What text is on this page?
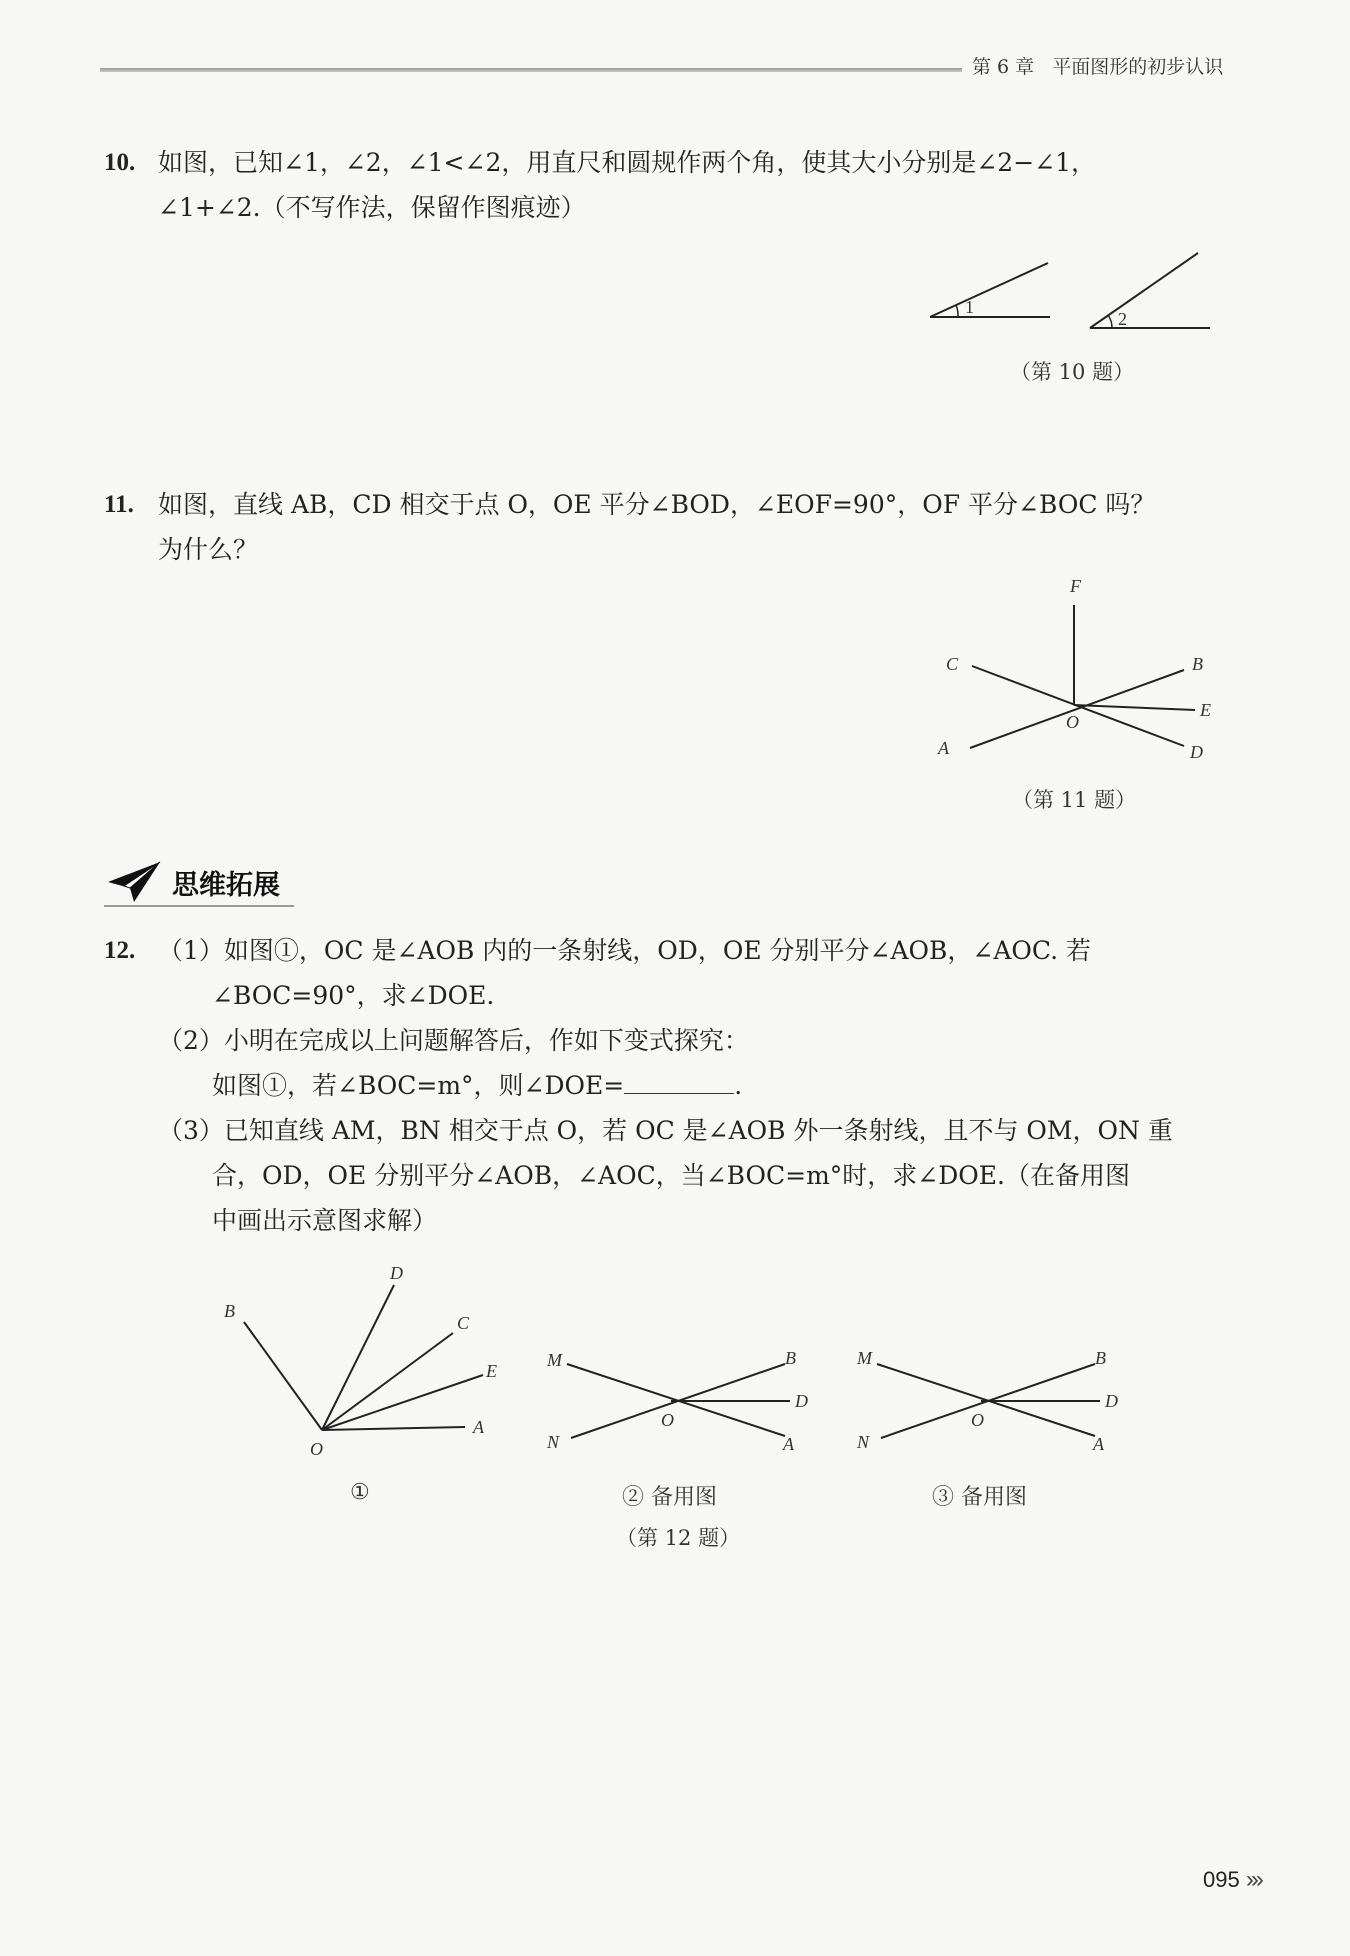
第 6 章 平面图形的初步认识
10. 如图，已知∠1，∠2，∠1<∠2，用直尺和圆规作两个角，使其大小分别是∠2−∠1，
∠1+∠2.（不写作法，保留作图痕迹）
1
2
（第 10 题）
11. 如图，直线 AB，CD 相交于点 O，OE 平分∠BOD，∠EOF=90°，OF 平分∠BOC 吗？
为什么？
F
C	B
E
O
A	D
（第 11 题）
思维拓展
12. （1）如图①，OC 是∠AOB 内的一条射线，OD，OE 分别平分∠AOB，∠AOC. 若
∠BOC=90°，求∠DOE.
（2）小明在完成以上问题解答后，作如下变式探究：
如图①，若∠BOC=m°，则∠DOE=	.
（3）已知直线 AM，BN 相交于点 O，若 OC 是∠AOB 外一条射线，且不与 OM，ON 重
合，OD，OE 分别平分∠AOB，∠AOC，当∠BOC=m°时，求∠DOE.（在备用图
中画出示意图求解）
B
D
C
E
O
A
①
M	B
D
O
N	A
② 备用图
M	B
D
O
N	A
③ 备用图
（第 12 题）
095 ›››
